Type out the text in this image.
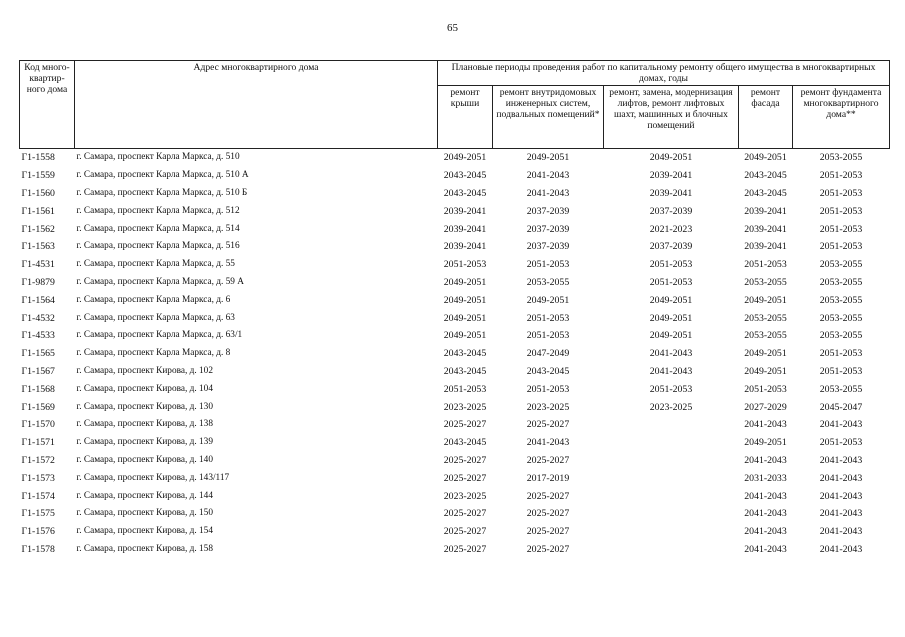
65
Код много-квартир-ного дома	Адрес многоквартирного дома	Плановые периоды проведения работ по капитальному ремонту общего имущества в многоквартирных домах, годы				
		ремонт крыши	ремонт внутридомовых инженерных систем, подвальных помещений*	ремонт, замена, модернизация лифтов, ремонт лифтовых шахт, машинных и блочных помещений	ремонт фасада	ремонт фундамента многоквартирного дома**
Г1-1558	г. Самара, проспект Карла Маркса, д. 510	2049-2051	2049-2051	2049-2051	2049-2051	2053-2055
Г1-1559	г. Самара, проспект Карла Маркса, д. 510 А	2043-2045	2041-2043	2039-2041	2043-2045	2051-2053
Г1-1560	г. Самара, проспект Карла Маркса, д. 510 Б	2043-2045	2041-2043	2039-2041	2043-2045	2051-2053
Г1-1561	г. Самара, проспект Карла Маркса, д. 512	2039-2041	2037-2039	2037-2039	2039-2041	2051-2053
Г1-1562	г. Самара, проспект Карла Маркса, д. 514	2039-2041	2037-2039	2021-2023	2039-2041	2051-2053
Г1-1563	г. Самара, проспект Карла Маркса, д. 516	2039-2041	2037-2039	2037-2039	2039-2041	2051-2053
Г1-4531	г. Самара, проспект Карла Маркса, д. 55	2051-2053	2051-2053	2051-2053	2051-2053	2053-2055
Г1-9879	г. Самара, проспект Карла Маркса, д. 59 А	2049-2051	2053-2055	2051-2053	2053-2055	2053-2055
Г1-1564	г. Самара, проспект Карла Маркса, д. 6	2049-2051	2049-2051	2049-2051	2049-2051	2053-2055
Г1-4532	г. Самара, проспект Карла Маркса, д. 63	2049-2051	2051-2053	2049-2051	2053-2055	2053-2055
Г1-4533	г. Самара, проспект Карла Маркса, д. 63/1	2049-2051	2051-2053	2049-2051	2053-2055	2053-2055
Г1-1565	г. Самара, проспект Карла Маркса, д. 8	2043-2045	2047-2049	2041-2043	2049-2051	2051-2053
Г1-1567	г. Самара, проспект Кирова, д. 102	2043-2045	2043-2045	2041-2043	2049-2051	2051-2053
Г1-1568	г. Самара, проспект Кирова, д. 104	2051-2053	2051-2053	2051-2053	2051-2053	2053-2055
Г1-1569	г. Самара, проспект Кирова, д. 130	2023-2025	2023-2025	2023-2025	2027-2029	2045-2047
Г1-1570	г. Самара, проспект Кирова, д. 138	2025-2027	2025-2027		2041-2043	2041-2043
Г1-1571	г. Самара, проспект Кирова, д. 139	2043-2045	2041-2043		2049-2051	2051-2053
Г1-1572	г. Самара, проспект Кирова, д. 140	2025-2027	2025-2027		2041-2043	2041-2043
Г1-1573	г. Самара, проспект Кирова, д. 143/117	2025-2027	2017-2019		2031-2033	2041-2043
Г1-1574	г. Самара, проспект Кирова, д. 144	2023-2025	2025-2027		2041-2043	2041-2043
Г1-1575	г. Самара, проспект Кирова, д. 150	2025-2027	2025-2027		2041-2043	2041-2043
Г1-1576	г. Самара, проспект Кирова, д. 154	2025-2027	2025-2027		2041-2043	2041-2043
Г1-1578	г. Самара, проспект Кирова, д. 158	2025-2027	2025-2027		2041-2043	2041-2043
